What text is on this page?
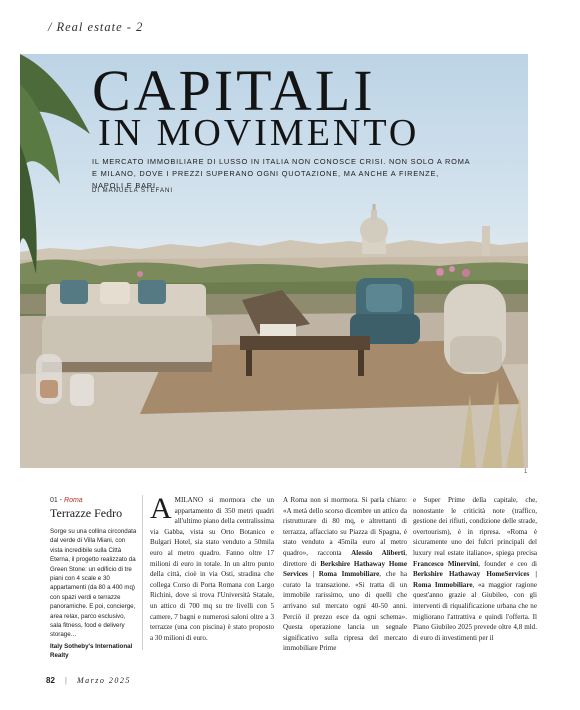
/ Real estate - 2
CAPITALI
IN MOVIMENTO
IL MERCATO IMMOBILIARE DI LUSSO IN ITALIA NON CONOSCE CRISI. NON SOLO A ROMA E MILANO, DOVE I PREZZI SUPERANO OGNI QUOTAZIONE, MA ANCHE A FIRENZE, NAPOLI E BARI
DI MANUELA STEFANI
1
01 - Roma
Terrazze Fedro
Sorge su una collina circondata dal verde di Villa Miani, con vista incredibile sulla Città Eterna, il progetto realizzato da Green Stone: un edificio di tre piani con 4 scale e 30 appartamenti (da 80 a 400 mq) con spazi verdi e terrazze panoramiche. E poi, concierge, area relax, parco esclusivo, sala fitness, food e delivery storage…
Italy Sotheby's International Realty
AMILANO si mormora che un appartamento di 350 metri quadri all'ultimo piano della centralissima via Gabba, vista su Orto Botanico e Bulgari Hotel, sia stato venduto a 50mila euro al metro quadro. Fanno oltre 17 milioni di euro in totale. In un altro punto della città, cioè in via Osti, stradina che collega Corso di Porta Romana con Largo Richini, dove si trova l'Università Statale, un attico di 700 mq su tre livelli con 5 camere, 7 bagni e numerosi saloni oltre a 3 terrazze (una con piscina) è stato proposto a 30 milioni di euro.
A Roma non si mormora. Si parla chiaro: «A metà dello scorso dicembre un attico da ristrutturare di 80 mq, e altrettanti di terrazza, affacciato su Piazza di Spagna, è stato venduto a 45mila euro al metro quadro», racconta Alessio Aliberti, direttore di Berkshire Hathaway Home Services | Roma Immobiliare, che ha curato la transazione. «Si tratta di un immobile rarissimo, uno di quelli che arrivano sul mercato ogni 40-50 anni. Perciò il prezzo esce da ogni schema». Questa operazione lancia un segnale significativo sulla ripresa del mercato immobiliare Prime
e Super Prime della capitale, che, nonostante le criticità note (traffico, gestione dei rifiuti, condizione delle strade, overtourism), è in ripresa. «Roma è sicuramente uno dei fulcri principali del luxury real estate italiano», spiega precisa Francesco Minervini, founder e ceo di Berkshire Hathaway HomeServices | Roma Immobiliare, «a maggior ragione quest'anno grazie al Giubileo, con gli interventi di riqualificazione urbana che ne migliorano l'attrattiva e quindi l'offerta. Il Piano Giubileo 2025 prevede oltre 4,8 mld. di euro di investimenti per il
82 | Marzo 2025
